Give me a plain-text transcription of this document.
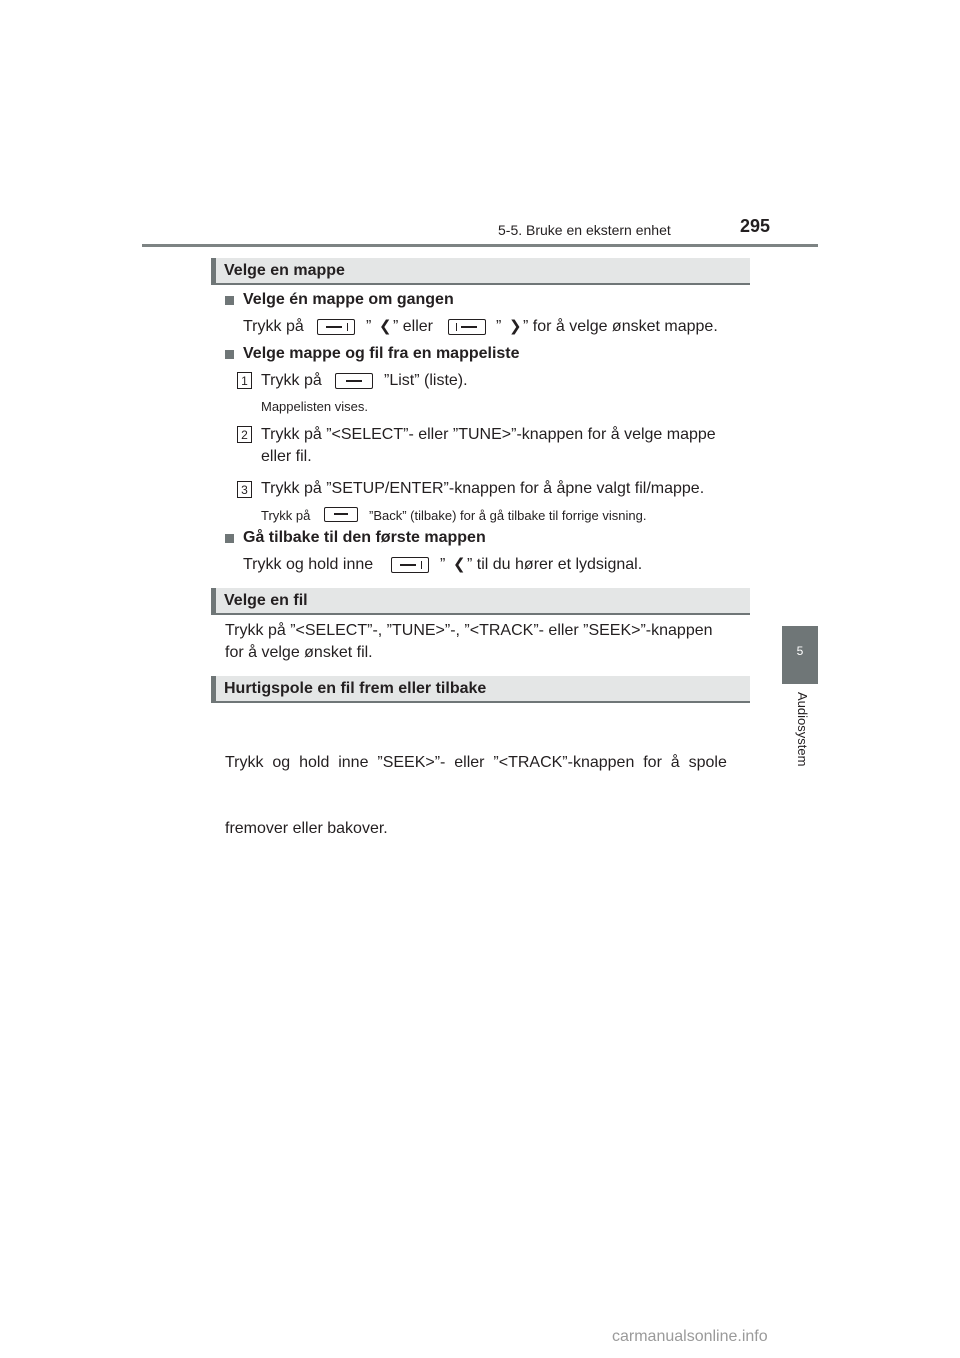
5-5. Bruke en ekstern enhet	295
5
Audiosystem
Velge en mappe
Velge én mappe om gangen
Trykk på	” ❮ ” eller	” ❯ ” for å velge ønsket mappe.
Velge mappe og fil fra en mappeliste
1 Trykk på	”List” (liste).
Mappelisten vises.
2 Trykk på ”<SELECT”- eller ”TUNE>”-knappen for å velge mappe
eller fil.
3 Trykk på ”SETUP/ENTER”-knappen for å åpne valgt fil/mappe.
Trykk på	”Back” (tilbake) for å gå tilbake til forrige visning.
Gå tilbake til den første mappen
Trykk og hold inne	” ❮ ” til du hører et lydsignal.
Velge en fil
Trykk på ”<SELECT”-, ”TUNE>”-, ”<TRACK”- eller ”SEEK>”-knappen
for å velge ønsket fil.
Hurtigspole en fil frem eller tilbake

Trykk  og  hold  inne  ”SEEK>”-  eller  ”<TRACK”-knappen  for  å  spole

fremover eller bakover.

carmanualsonline.info
